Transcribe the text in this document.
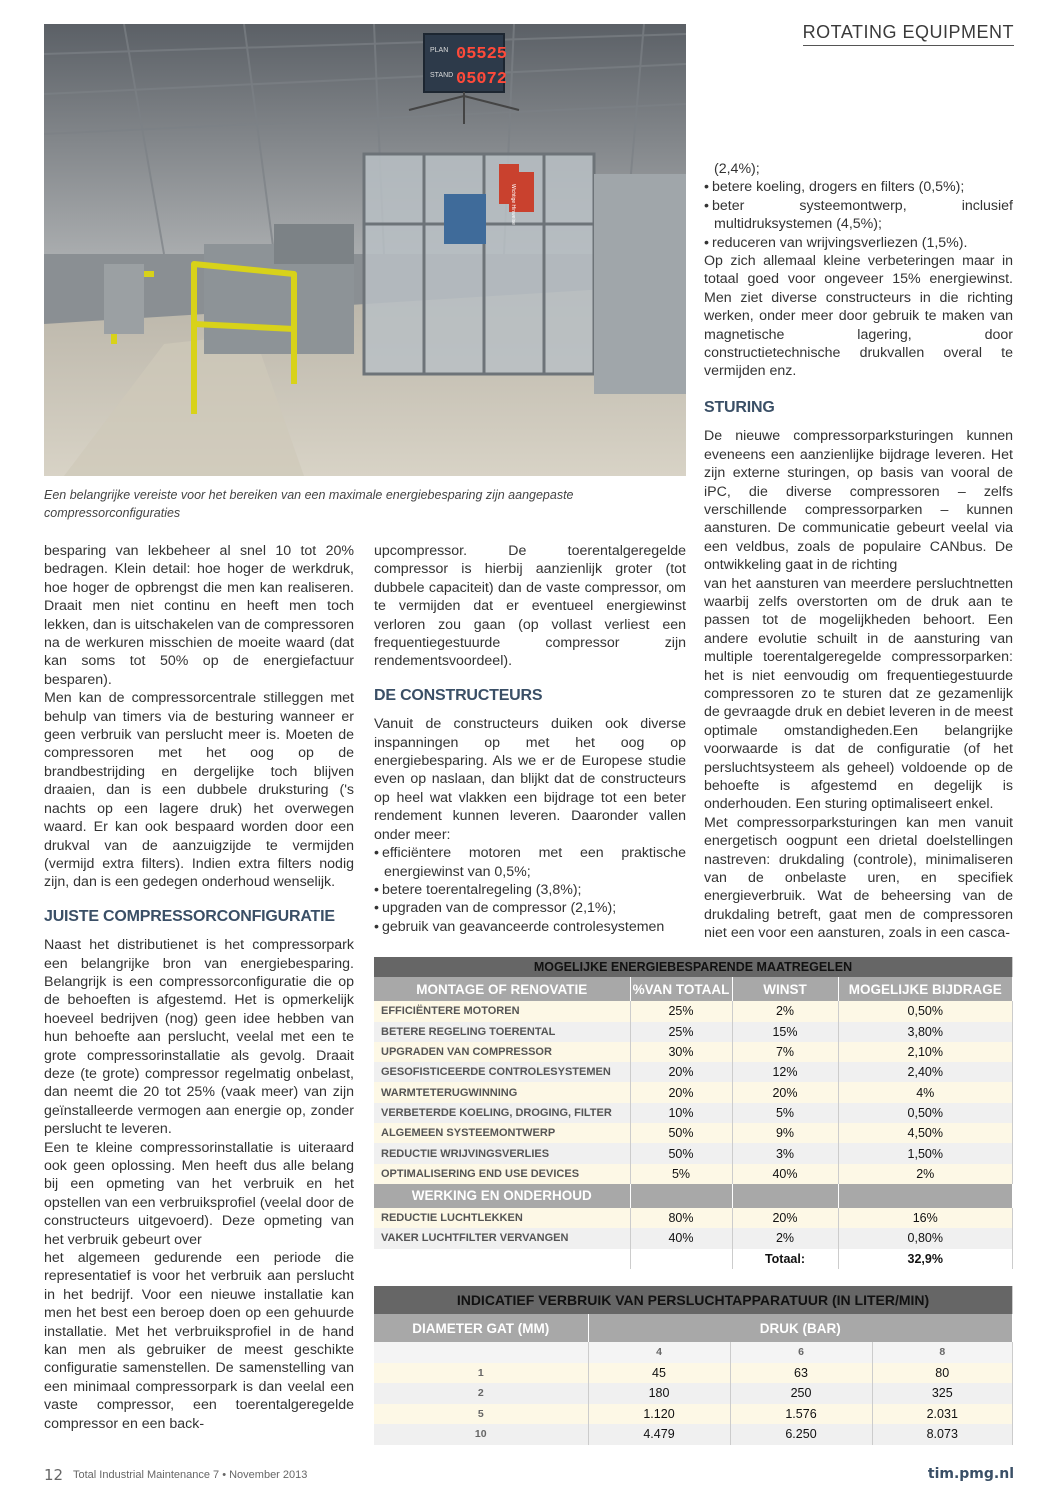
ROTATING EQUIPMENT
PLAN 05525
STAND 05072
Wichtige Hinweise
Een belangrijke vereiste voor het bereiken van een maximale energiebesparing zijn aangepaste compressorconfiguraties

besparing van lekbeheer al snel 10 tot 20% bedragen. Klein detail: hoe hoger de werkdruk, hoe hoger de opbrengst die men kan realiseren. Draait men niet continu en heeft men toch lekken, dan is uitschakelen van de compressoren na de werkuren misschien de moeite waard (dat kan soms tot 50% op de energiefactuur besparen).

Men kan de compressorcentrale stilleggen met behulp van timers via de besturing wanneer er geen verbruik van perslucht meer is. Moeten de compressoren met het oog op de brandbestrijding en dergelijke toch blijven draaien, dan is een dubbele druksturing ('s nachts op een lagere druk) het overwegen waard. Er kan ook bespaard worden door een drukval van de aanzuigzijde te vermijden (vermijd extra filters). Indien extra filters nodig zijn, dan is een gedegen onderhoud wenselijk.

JUISTE COMPRESSORCONFIGURATIE

Naast het distributienet is het compressorpark een belangrijke bron van energiebesparing. Belangrijk is een compressorconfiguratie die op de behoeften is afgestemd. Het is opmerkelijk hoeveel bedrijven (nog) geen idee hebben van hun behoefte aan perslucht, veelal met een te grote compressorinstallatie als gevolg. Draait deze (te grote) compressor regelmatig onbelast, dan neemt die 20 tot 25% (vaak meer) van zijn geïnstalleerde vermogen aan energie op, zonder perslucht te leveren.

Een te kleine compressorinstallatie is uiteraard ook geen oplossing. Men heeft dus alle belang bij een opmeting van het verbruik en het opstellen van een verbruiksprofiel (veelal door de constructeurs uitgevoerd). Deze opmeting van het verbruik gebeurt over

het algemeen gedurende een periode die representatief is voor het verbruik aan perslucht in het bedrijf. Voor een nieuwe installatie kan men het best een beroep doen op een gehuurde installatie. Met het verbruiksprofiel in de hand kan men als gebruiker de meest geschikte configuratie samenstellen. De samenstelling van een minimaal compressorpark is dan veelal een vaste compressor, een toerentalgeregelde compressor en een back-

upcompressor. De toerentalgeregelde compressor is hierbij aanzienlijk groter (tot dubbele capaciteit) dan de vaste compressor, om te vermijden dat er eventueel energiewinst verloren zou gaan (op vollast verliest een frequentiegestuurde compressor zijn rendementsvoordeel).

DE CONSTRUCTEURS

Vanuit de constructeurs duiken ook diverse inspanningen op met het oog op energiebesparing. Als we er de Europese studie even op naslaan, dan blijkt dat de constructeurs op heel wat vlakken een bijdrage tot een beter rendement kunnen leveren. Daaronder vallen onder meer:

• efficiëntere motoren met een praktische energiewinst van 0,5%;
• betere toerentalregeling (3,8%);
• upgraden van de compressor (2,1%);
• gebruik van geavanceerde controlesystemen

(2,4%);

• betere koeling, drogers en filters (0,5%);
• beter systeemontwerp, inclusief multidruksystemen (4,5%);
• reduceren van wrijvingsverliezen (1,5%).

Op zich allemaal kleine verbeteringen maar in totaal goed voor ongeveer 15% energiewinst. Men ziet diverse constructeurs in die richting werken, onder meer door gebruik te maken van magnetische lagering, door constructietechnische drukvallen overal te vermijden enz.

STURING

De nieuwe compressorparksturingen kunnen eveneens een aanzienlijke bijdrage leveren. Het zijn externe sturingen, op basis van vooral de iPC, die diverse compressoren – zelfs verschillende compressorparken – kunnen aansturen. De communicatie gebeurt veelal via een veldbus, zoals de populaire CANbus. De ontwikkeling gaat in de richting

van het aansturen van meerdere persluchtnetten waarbij zelfs overstorten om de druk aan te passen tot de mogelijkheden behoort. Een andere evolutie schuilt in de aansturing van multiple toerentalgeregelde compressorparken: het is niet eenvoudig om frequentiegestuurde compressoren zo te sturen dat ze gezamenlijk de gevraagde druk en debiet leveren in de meest optimale omstandigheden.Een belangrijke voorwaarde is dat de configuratie (of het persluchtsysteem als geheel) voldoende op de behoefte is afgestemd en degelijk is onderhouden. Een sturing optimaliseert enkel.

Met compressorparksturingen kan men vanuit energetisch oogpunt een drietal doelstellingen nastreven: drukdaling (controle), minimaliseren van de onbelaste uren, en specifiek energieverbruik. Wat de beheersing van de drukdaling betreft, gaat men de compressoren niet een voor een aansturen, zoals in een casca-

MOGELIJKE ENERGIEBESPARENDE MAATREGELEN			
MONTAGE OF RENOVATIE	%VAN TOTAAL	WINST	MOGELIJKE BIJDRAGE
EFFICIËNTERE MOTOREN	25%	2%	0,50%
BETERE REGELING TOERENTAL	25%	15%	3,80%
UPGRADEN VAN COMPRESSOR	30%	7%	2,10%
GESOFISTICEERDE CONTROLESYSTEMEN	20%	12%	2,40%
WARMTETERUGWINNING	20%	20%	4%
VERBETERDE KOELING, DROGING, FILTER	10%	5%	0,50%
ALGEMEEN SYSTEEMONTWERP	50%	9%	4,50%
REDUCTIE WRIJVINGSVERLIES	50%	3%	1,50%
OPTIMALISERING END USE DEVICES	5%	40%	2%
WERKING EN ONDERHOUD			
REDUCTIE LUCHTLEKKEN	80%	20%	16%
VAKER LUCHTFILTER VERVANGEN	40%	2%	0,80%
		Totaal:	32,9%
INDICATIEF VERBRUIK VAN PERSLUCHTAPPARATUUR (IN LITER/MIN)			
DIAMETER GAT (MM)	DRUK (BAR)		
	4	6	8
1	45	63	80
2	180	250	325
5	1.120	1.576	2.031
10	4.479	6.250	8.073
12 Total Industrial Maintenance 7 • November 2013	tim.pmg.nl
